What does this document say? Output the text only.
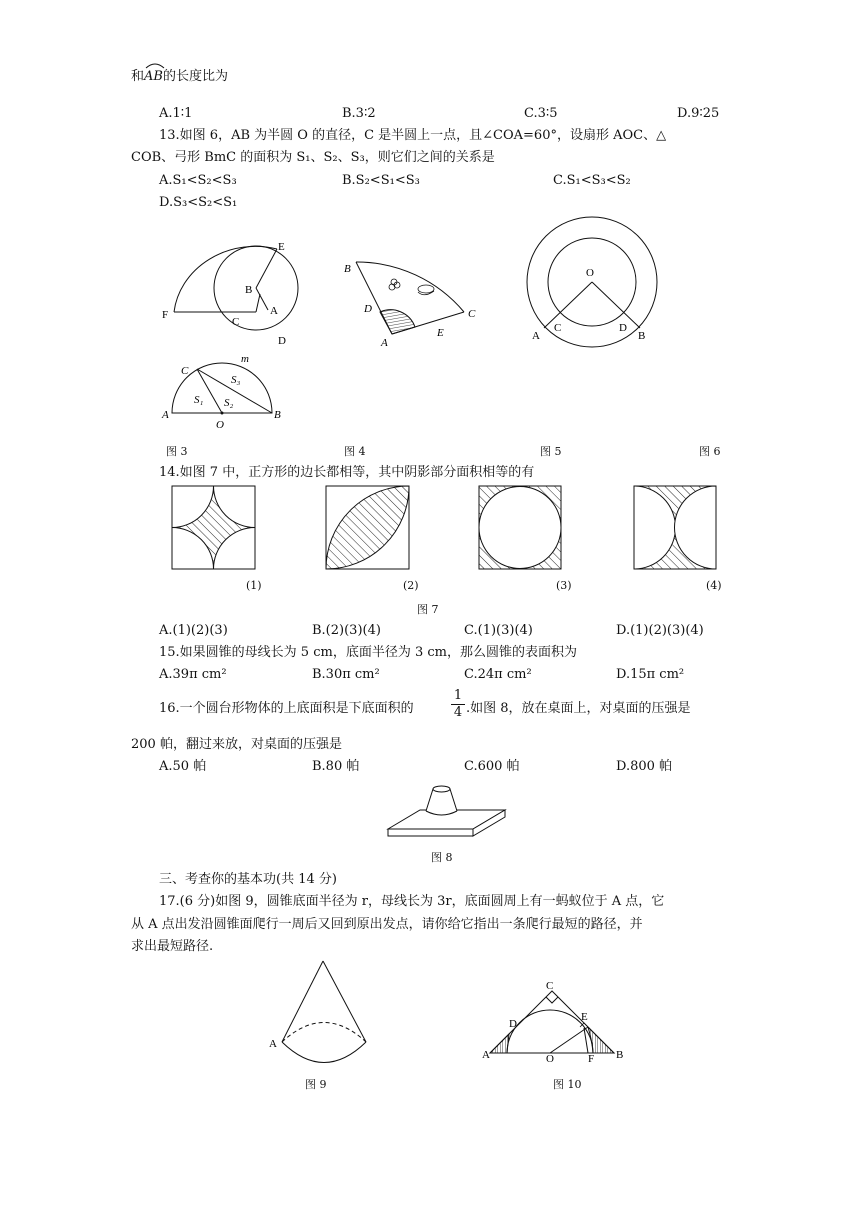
和
AB的长度比为
A.1∶1	B.3∶2	C.3∶5	D.9∶25
13.如图 6，AB 为半圆 O 的直径，C 是半圆上一点，且∠COA=60°，设扇形 AOC、△
COB、弓形 BmC 的面积为 S₁、S₂、S₃，则它们之间的关系是
A.S₁<S₂<S₃	B.S₂<S₁<S₃	C.S₁<S₃<S₂
D.S₃<S₂<S₁
E
B
A
F
C
D
B
D
A
E
C
O
A
C	D
B
m
C
S₃
S₁ S₂
A
O
B
图 3	图 4	图 5	图 6
14.如图 7 中，正方形的边长都相等，其中阴影部分面积相等的有
(1)	(2)	(3)	(4)
图 7
A.(1)(2)(3)	B.(2)(3)(4)	C.(1)(3)(4)	D.(1)(2)(3)(4)
15.如果圆锥的母线长为 5 cm，底面半径为 3 cm，那么圆锥的表面积为
A.39π cm²	B.30π cm²	C.24π cm²	D.15π cm²
16.一个圆台形物体的上底面积是下底面积的	$\frac{1}{4}$ .如图 8，放在桌面上，对桌面的压强是
200 帕，翻过来放，对桌面的压强是
A.50 帕	B.80 帕	C.600 帕	D.800 帕
图 8
三、考查你的基本功(共 14 分)
17.(6 分)如图 9，圆锥底面半径为 r，母线长为 3r，底面圆周上有一蚂蚁位于 A 点，它
从 A 点出发沿圆锥面爬行一周后又回到原出发点，请你给它指出一条爬行最短的路径，并
求出最短路径.
A
图 9
C
D
E
A	O	F B
图 10
